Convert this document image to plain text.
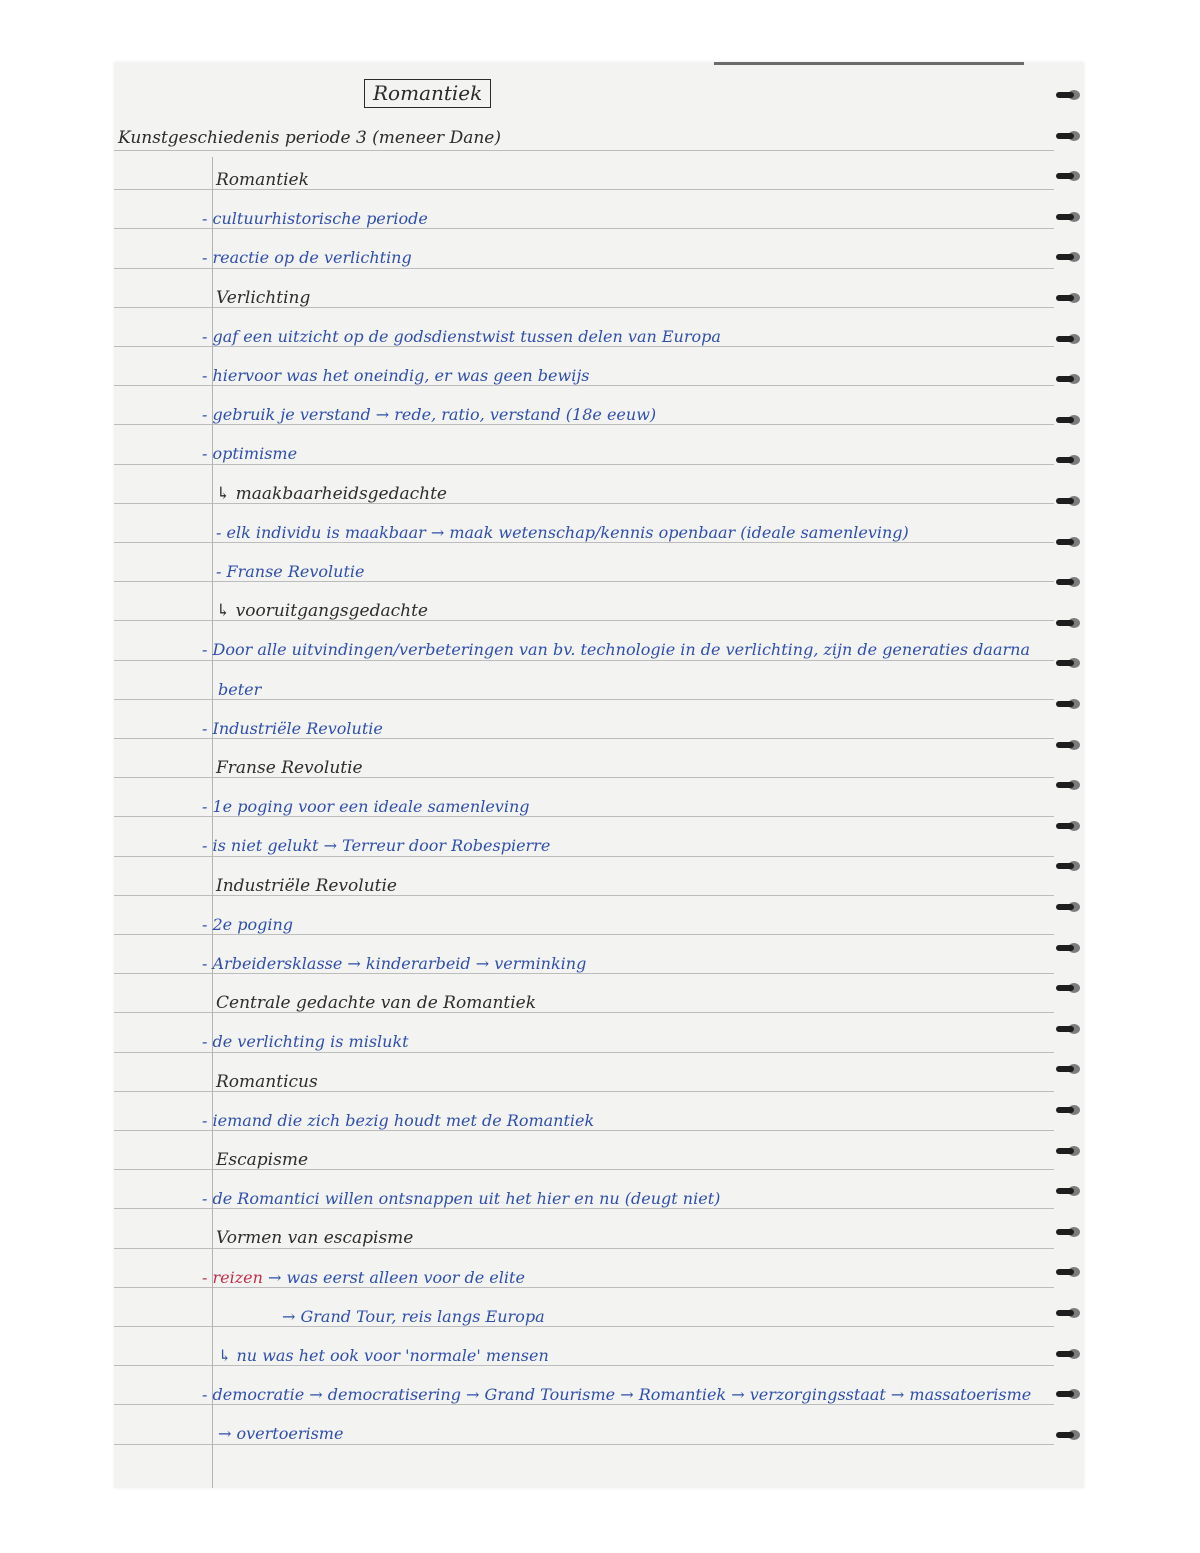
Romantiek
Kunstgeschiedenis periode 3 (meneer Dane)
Romantiek
- cultuurhistorische periode
- reactie op de verlichting
Verlichting
- gaf een uitzicht op de godsdienstwist tussen delen van Europa
- hiervoor was het oneindig, er was geen bewijs
- gebruik je verstand → rede, ratio, verstand (18e eeuw)
- optimisme
↳ maakbaarheidsgedachte
- elk individu is maakbaar → maak wetenschap/kennis openbaar (ideale samenleving)
- Franse Revolutie
↳ vooruitgangsgedachte
- Door alle uitvindingen/verbeteringen van bv. technologie in de verlichting, zijn de generaties daarna
beter
- Industriële Revolutie
Franse Revolutie
- 1e poging voor een ideale samenleving
- is niet gelukt → Terreur door Robespierre
Industriële Revolutie
- 2e poging
- Arbeidersklasse → kinderarbeid → verminking
Centrale gedachte van de Romantiek
- de verlichting is mislukt
Romanticus
- iemand die zich bezig houdt met de Romantiek
Escapisme
- de Romantici willen ontsnappen uit het hier en nu (deugt niet)
Vormen van escapisme
- reizen → was eerst alleen voor de elite
→ Grand Tour, reis langs Europa
↳ nu was het ook voor 'normale' mensen
- democratie → democratisering → Grand Tourisme → Romantiek → verzorgingsstaat → massatoerisme
→ overtoerisme
